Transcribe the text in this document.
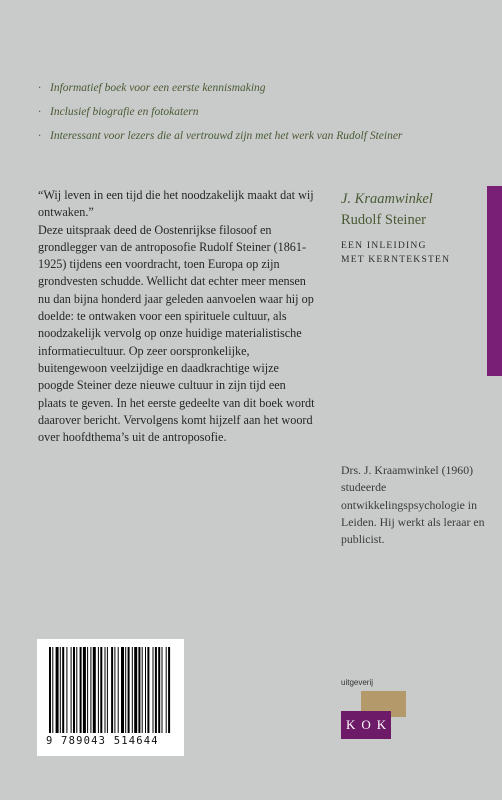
· Informatief boek voor een eerste kennismaking
· Inclusief biografie en fotokatern
· Interessant voor lezers die al vertrouwd zijn met het werk van Rudolf Steiner

“Wij leven in een tijd die het noodzakelijk maakt dat wij ontwaken.”

Deze uitspraak deed de Oostenrijkse filosoof en grondlegger van de antroposofie Rudolf Steiner (1861-1925) tijdens een voordracht, toen Europa op zijn grondvesten schudde. Wellicht dat echter meer mensen nu dan bijna honderd jaar geleden aanvoelen waar hij op doelde: te ontwaken voor een spirituele cultuur, als noodzakelijk vervolg op onze huidige materialistische informatiecultuur. Op zeer oorspronkelijke, buitengewoon veelzijdige en daadkrachtige wijze poogde Steiner deze nieuwe cultuur in zijn tijd een plaats te geven. In het eerste gedeelte van dit boek wordt daarover bericht. Vervolgens komt hijzelf aan het woord over hoofdthema’s uit de antroposofie.

J. Kraamwinkel
Rudolf Steiner
EEN INLEIDING
MET KERNTEKSTEN
Drs. J. Kraamwinkel (1960) studeerde ontwikkelingspsychologie in Leiden. Hij werkt als leraar en publicist.
9 789043 514644
uitgeverij
KOK
